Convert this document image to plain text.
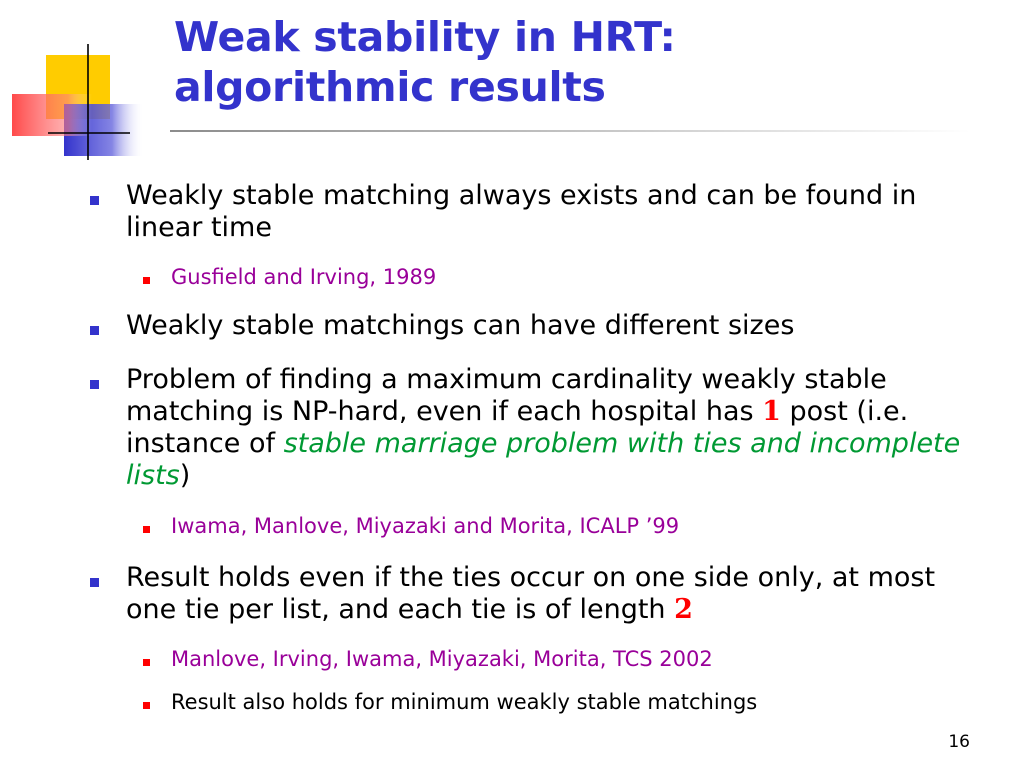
Weak stability in HRT:
algorithmic results
Weakly stable matching always exists and can be found in linear time
Gusfield and Irving, 1989
Weakly stable matchings can have different sizes
Problem of finding a maximum cardinality weakly stable matching is NP-hard, even if each hospital has 1 post (i.e. instance of stable marriage problem with ties and incomplete lists)
Iwama, Manlove, Miyazaki and Morita, ICALP ’99
Result holds even if the ties occur on one side only, at most one tie per list, and each tie is of length 2
Manlove, Irving, Iwama, Miyazaki, Morita, TCS 2002
Result also holds for minimum weakly stable matchings
16
